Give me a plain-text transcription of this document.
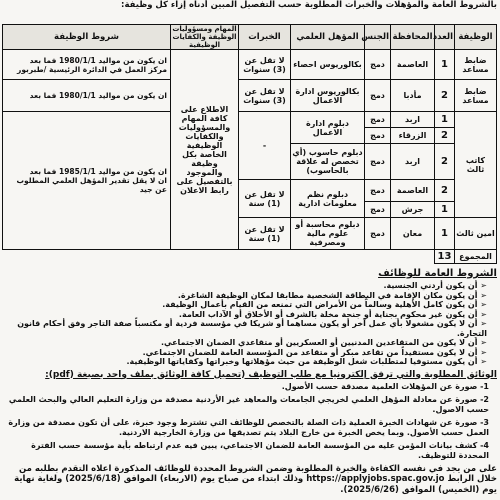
بالشروط العامة والمؤهلات والخبرات المطلوبة حسب التفصيل المبين أدناه إزاء كل وظيفة:
الوظيفة	العدد	المحافظة	الجنس	المؤهل العلمي	الخبرات	المهام ومسؤوليات الوظيفة والكفايات الوظيفية	شروط الوظيفة
ضابط مساعد	1	العاصمة	دمج	بكالوريوس احصاء	لا تقل عن (3) سنوات	الاطلاع على كافة المهام والمسؤوليات والكفايات الوظيفية الخاصة بكل وظيفة والموجود بالتفصيل على رابط الاعلان	ان يكون من مواليد 1980/1/1 فما بعد
مركز العمل في الدائرة الرئيسية /طبربور
ضابط مساعد	2	مأدبا	دمج	بكالوريوس ادارة الاعمال	لا تقل عن (3) سنوات		ان يكون من مواليد 1980/1/1 فما بعد
كاتب ثالث	1	اربد	دمج	دبلوم ادارة الاعمال	-		ان يكون من مواليد 1985/1/1 فما بعد
ان لا يقل تقدير المؤهل العلمي المطلوب عن جيد
	2	الزرقاء	دمج				
	2	اربد	دمج	دبلوم حاسوب (أي تخصص له علاقة بالحاسوب)			
	2	العاصمة	دمج	دبلوم نظم معلومات ادارية	لا تقل عن (1) سنة		
	1	جرش	دمج				
امين ثالث	1	معان	دمج	دبلوم محاسبة أو علوم مالية ومصرفية	لا تقل عن (1) سنة		
المجموع	13						
الشروط العامة للوظائف
➢ أن يكون أردني الجنسية.
➢ أن يكون مكان الإقامة في البطاقة الشخصية مطابقا لمكان الوظيفة الشاغرة.
➢ أن يكون كامل الأهلية وسالماً من الأمراض التي تمنعه من القيام بأعمال الوظيفة.
➢ أن يكون غير محكوم بجناية أو جنحة مخلة بالشرف أو الأخلاق أو الآداب العامة.
➢ أن لا يكون مشغولا بأي عمل آخر أو يكون مساهما أو شريكا في مؤسسة فردية أو مكتسباً صفة التاجر وفق أحكام قانون التجارة.
➢ أن لا يكون من المتقاعدين المدنيين أو العسكريين أو متقاعدي الضمان الاجتماعي.
➢ أن لا يكون مستفيداً من تقاعد مبكر أو متقاعد من المؤسسة العامة للضمان الاجتماعي.
➢ أن يكون مستوفيا لمتطلبات شغل الوظيفة من حيث مؤهلاتها وخبراتها وكفاياتها الوظيفية.
الوثائق المطلوبة والتي ترفق إلكترونيا مع طلب التوظيف (تحميل كافة الوثائق بملف واحد بصيغة (pdf):
1- صورة عن المؤهلات العلمية مصدقة حسب الأصول.
2- صورة عن معادلة المؤهل العلمي لخريجي الجامعات والمعاهد غير الأردنية مصدقة من وزارة التعليم العالي والبحث العلمي حسب الاصول.
3- صورة عن شهادات الخبرة العملية ذات الصلة بالتخصص للوظائف التي تشترط وجود خبرة، على أن تكون مصدقة من وزارة العمل حسب الأصول. وبما يخص الخبرة من خارج البلاد يتم تصديقها من وزارة الخارجية الاردنية.
4- كشف بيانات المؤمن عليه من المؤسسة العامة للضمان الاجتماعي، يبين فيه عدم ارتباطه بأية مؤسسة حسب الفترة المحددة للتوظيف.
على من يجد في نفسه الكفاءة والخبرة المطلوبة وضمن الشروط المحددة للوظائف المذكورة اعلاه التقدم بطلبه من خلال الرابط https://applyjobs.spac.gov.jo وذلك ابتداء من صباح يوم (الاربعاء) الموافق (2025/6/18) ولغاية نهاية يوم (الخميس) الموافق (2025/6/26).
